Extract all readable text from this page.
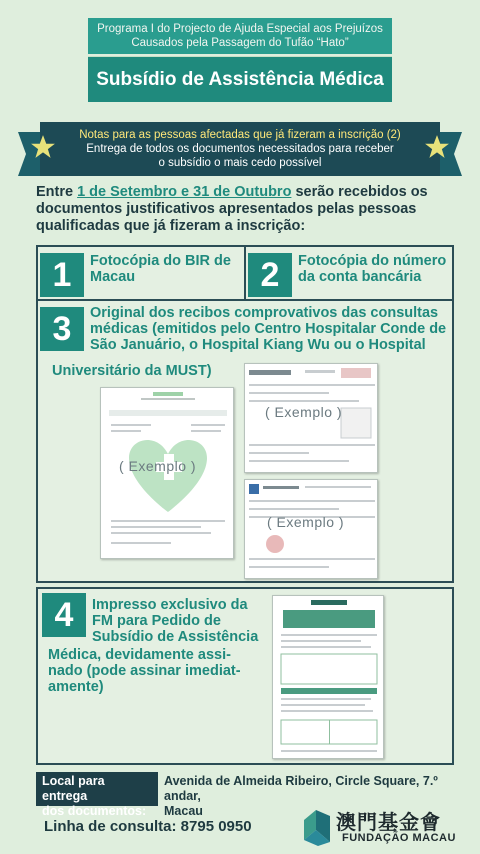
Programa I do Projecto de Ajuda Especial aos Prejuízos
Causados pela Passagem do Tufão “Hato”
Subsídio de Assistência Médica
Notas para as pessoas afectadas que já fizeram a inscrição (2)
Entrega de todos os documentos necessitados para receber
o subsídio o mais cedo possível
Entre 1 de Setembro e 31 de Outubro serão recebidos os documentos justificativos apresentados pelas pessoas qualificadas que já fizeram a inscrição:
1	Fotocópia do BIR de
Macau	2	Fotocópia do número
da conta bancária
3	Original dos recibos comprovativos das consultas
médicas (emitidos pelo Centro Hospitalar Conde de
São Januário, o Hospital Kiang Wu ou o Hospital
Universitário da MUST)
( Exemplo )
( Exemplo )
( Exemplo )
4	Impresso exclusivo da
FM para Pedido de
Subsídio de Assistência
Médica, devidamente assi-
nado (pode assinar imediat-
amente)
Local para entrega
dos documentos:
Avenida de Almeida Ribeiro, Circle Square, 7.º andar,
Macau
Linha de consulta: 8795 0950	澳門基金會
FUNDAÇÃO MACAU
